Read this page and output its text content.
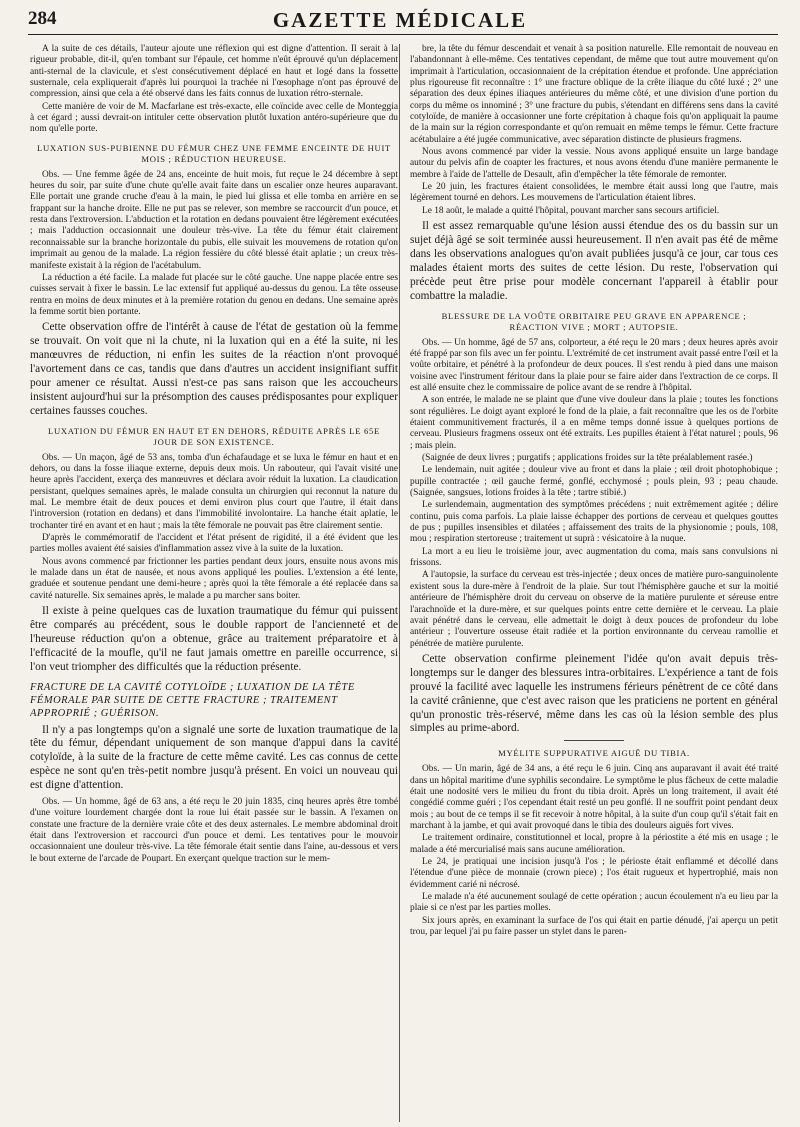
284	GAZETTE MÉDICALE

A la suite de ces détails, l'auteur ajoute une réflexion qui est digne d'attention. Il serait à la rigueur probable, dit-il, qu'en tombant sur l'épaule, cet homme n'eût éprouvé qu'un déplacement anti-sternal de la clavicule, et s'est consécutivement déplacé en haut et logé dans la fossette susternale, cela expliquerait d'après lui pourquoi la trachée ni l'œsophage n'ont pas éprouvé de compression, ainsi que cela a été observé dans les faits connus de luxation rétro-sternale.

Cette manière de voir de M. Macfarlane est très-exacte, elle coïncide avec celle de Monteggia à cet égard ; aussi devrait-on intituler cette observation plutôt luxation antéro-supérieure que du nom qu'elle porte.

LUXATION SUS-PUBIENNE DU FÉMUR CHEZ UNE FEMME ENCEINTE DE HUIT MOIS ; RÉDUCTION HEUREUSE.

Obs. — Une femme âgée de 24 ans, enceinte de huit mois, fut reçue le 24 décembre à sept heures du soir, par suite d'une chute qu'elle avait faite dans un escalier onze heures auparavant. Elle portait une grande cruche d'eau à la main, le pied lui glissa et elle tomba en arrière en se frappant sur la hanche droite. Elle ne put pas se relever, son membre se raccourcit d'un pouce, et resta dans l'extroversion. L'abduction et la rotation en dedans pouvaient être légèrement exécutées ; mais l'adduction occasionnait une douleur très-vive. La tête du fémur était clairement reconnaissable sur la branche horizontale du pubis, elle suivait les mouvemens de rotation qu'on imprimait au genou de la malade. La région fessière du côté blessé était aplatie ; un creux très-manifeste existait à la région de l'acétabulum.

La réduction a été facile. La malade fut placée sur le côté gauche. Une nappe placée entre ses cuisses servait à fixer le bassin. Le lac extensif fut appliqué au-dessus du genou. La tête osseuse rentra en moins de deux minutes et à la première rotation du genou en dedans. Une semaine après la femme sortit bien portante.

Cette observation offre de l'intérêt à cause de l'état de gestation où la femme se trouvait. On voit que ni la chute, ni la luxation qui en a été la suite, ni les manœuvres de réduction, ni enfin les suites de la réaction n'ont provoqué l'avortement dans ce cas, tandis que dans d'autres un accident insignifiant suffit pour amener ce résultat. Aussi n'est-ce pas sans raison que les accoucheurs insistent aujourd'hui sur la présomption des causes prédisposantes pour expliquer certaines fausses couches.

LUXATION DU FÉMUR EN HAUT ET EN DEHORS, RÉDUITE APRÈS LE 65E JOUR DE SON EXISTENCE.

Obs. — Un maçon, âgé de 53 ans, tomba d'un échafaudage et se luxa le fémur en haut et en dehors, ou dans la fosse iliaque externe, depuis deux mois. Un rabouteur, qui l'avait visité une heure après l'accident, exerça des manœuvres et déclara avoir réduit la luxation. La claudication persistant, quelques semaines après, le malade consulta un chirurgien qui reconnut la nature du mal. Le membre était de deux pouces et demi environ plus court que l'autre, il était dans l'introversion (rotation en dedans) et dans l'immobilité involontaire. La hanche était aplatie, le trochanter tiré en avant et en haut ; mais la tête fémorale ne pouvait pas être clairement sentie.

D'après le commémoratif de l'accident et l'état présent de rigidité, il a été évident que les parties molles avaient été saisies d'inflammation assez vive à la suite de la luxation.

Nous avons commencé par frictionner les parties pendant deux jours, ensuite nous avons mis le malade dans un état de nausée, et nous avons appliqué les poulies. L'extension a été lente, graduée et soutenue pendant une demi-heure ; après quoi la tête fémorale a été replacée dans sa cavité naturelle. Six semaines après, le malade a pu marcher sans boiter.

Il existe à peine quelques cas de luxation traumatique du fémur qui puissent être comparés au précédent, sous le double rapport de l'ancienneté et de l'heureuse réduction qu'on a obtenue, grâce au traitement préparatoire et à l'efficacité de la moufle, qu'il ne faut jamais omettre en pareille occurrence, si l'on veut triompher des difficultés que la réduction présente.

FRACTURE DE LA CAVITÉ COTYLOÏDE ; LUXATION DE LA TÊTE FÉMORALE PAR SUITE DE CETTE FRACTURE ; TRAITEMENT APPROPRIÉ ; GUÉRISON.

Il n'y a pas longtemps qu'on a signalé une sorte de luxation traumatique de la tête du fémur, dépendant uniquement de son manque d'appui dans la cavité cotyloïde, à la suite de la fracture de cette même cavité. Les cas connus de cette espèce ne sont qu'en très-petit nombre jusqu'à présent. En voici un nouveau qui est digne d'attention.

Obs. — Un homme, âgé de 63 ans, a été reçu le 20 juin 1835, cinq heures après être tombé d'une voiture lourdement chargée dont la roue lui était passée sur le bassin. A l'examen on constate une fracture de la dernière vraie côte et des deux asternales. Le membre abdominal droit était dans l'extroversion et raccourci d'un pouce et demi. Les tentatives pour le mouvoir occasionnaient une douleur très-vive. La tête fémorale était sentie dans l'aine, au-dessous et vers le bout externe de l'arcade de Poupart. En exerçant quelque traction sur le mem-

bre, la tête du fémur descendait et venait à sa position naturelle. Elle remontait de nouveau en l'abandonnant à elle-même. Ces tentatives cependant, de même que tout autre mouvement qu'on imprimait à l'articulation, occasionnaient de la crépitation étendue et profonde. Une appréciation plus rigoureuse fit reconnaître : 1° une fracture oblique de la crête iliaque du côté luxé ; 2° une séparation des deux épines iliaques antérieures du même côté, et une division d'une portion du corps du même os innominé ; 3° une fracture du pubis, s'étendant en différens sens dans la cavité cotyloïde, de manière à occasionner une forte crépitation à chaque fois qu'on appliquait la paume de la main sur la région correspondante et qu'on remuait en même temps le fémur. Cette fracture acétabulaire a été jugée communicative, avec séparation distincte de plusieurs fragmens.

Nous avons commencé par vider la vessie. Nous avons appliqué ensuite un large bandage autour du pelvis afin de coapter les fractures, et nous avons étendu d'une manière permanente le membre à l'aide de l'attelle de Desault, afin d'empêcher la tête fémorale de remonter.

Le 20 juin, les fractures étaient consolidées, le membre était aussi long que l'autre, mais légèrement tourné en dehors. Les mouvemens de l'articulation étaient libres.

Le 18 août, le malade a quitté l'hôpital, pouvant marcher sans secours artificiel.

Il est assez remarquable qu'une lésion aussi étendue des os du bassin sur un sujet déjà âgé se soit terminée aussi heureusement. Il n'en avait pas été de même dans les observations analogues qu'on avait publiées jusqu'à ce jour, car tous ces malades étaient morts des suites de cette lésion. Du reste, l'observation qui précède peut être prise pour modèle concernant l'appareil à établir pour combattre la maladie.

BLESSURE DE LA VOÛTE ORBITAIRE PEU GRAVE EN APPARENCE ; RÉACTION VIVE ; MORT ; AUTOPSIE.

Obs. — Un homme, âgé de 57 ans, colporteur, a été reçu le 20 mars ; deux heures après avoir été frappé par son fils avec un fer pointu. L'extrémité de cet instrument avait passé entre l'œil et la voûte orbitaire, et pénétré à la profondeur de deux pouces. Il s'est rendu à pied dans une maison voisine avec l'instrument féritour dans la plaie pour se faire aider dans l'extraction de ce corps. Il est allé ensuite chez le commissaire de police avant de se rendre à l'hôpital.

A son entrée, le malade ne se plaint que d'une vive douleur dans la plaie ; toutes les fonctions sont régulières. Le doigt ayant exploré le fond de la plaie, a fait reconnaître que les os de l'orbite étaient communitivement fracturés, il a en même temps donné issue à quelques portions de cerveau. Plusieurs fragmens osseux ont été extraits. Les pupilles étaient à l'état naturel ; pouls, 96 ; mais plein.

(Saignée de deux livres ; purgatifs ; applications froides sur la tête préalablement rasée.)

Le lendemain, nuit agitée ; douleur vive au front et dans la plaie ; œil droit photophobique ; pupille contractée ; œil gauche fermé, gonflé, ecchymosé ; pouls plein, 93 ; peau chaude. (Saignée, sangsues, lotions froides à la tête ; tartre stibié.)

Le surlendemain, augmentation des symptômes précédens ; nuit extrêmement agitée ; délire continu, puis coma parfois. La plaie laisse échapper des portions de cerveau et quelques gouttes de pus ; pupilles insensibles et dilatées ; affaissement des traits de la physionomie ; pouls, 108, mou ; respiration stertoreuse ; traitement ut suprà : vésicatoire à la nuque.

La mort a eu lieu le troisième jour, avec augmentation du coma, mais sans convulsions ni frissons.

A l'autopsie, la surface du cerveau est très-injectée ; deux onces de matière puro-sanguinolente existent sous la dure-mère à l'endroit de la plaie. Sur tout l'hémisphère gauche et sur la moitié antérieure de l'hémisphère droit du cerveau on observe de la matière purulente et séreuse entre l'arachnoïde et la dure-mère, et sur quelques points entre cette dernière et le cerveau. La plaie avait pénétré dans le cerveau, elle admettait le doigt à deux pouces de profondeur du lobe antérieur ; l'ouverture osseuse était radiée et la portion environnante du cerveau ramollie et pénétrée de matière purulente.

Cette observation confirme pleinement l'idée qu'on avait depuis très-longtemps sur le danger des blessures intra-orbitaires. L'expérience a tant de fois prouvé la facilité avec laquelle les instrumens férieurs pénètrent de ce côté dans la cavité crânienne, que c'est avec raison que les praticiens ne portent en général qu'un pronostic très-réservé, même dans les cas où la lésion semble des plus simples au prime-abord.

MYÉLITE SUPPURATIVE AIGUË DU TIBIA.

Obs. — Un marin, âgé de 34 ans, a été reçu le 6 juin. Cinq ans auparavant il avait été traité dans un hôpital maritime d'une syphilis secondaire. Le symptôme le plus fâcheux de cette maladie était une nodosité vers le milieu du front du tibia droit. Après un long traitement, il avait été congédié comme guéri ; l'os cependant était resté un peu gonflé. Il ne souffrit point pendant deux mois ; au bout de ce temps il se fit recevoir à notre hôpital, à la suite d'un coup qu'il s'était fait en marchant à la jambe, et qui avait provoqué dans le tibia des douleurs aiguës fort vives.

Le traitement ordinaire, constitutionnel et local, propre à la périostite a été mis en usage ; le malade a été mercurialisé mais sans aucune amélioration.

Le 24, je pratiquai une incision jusqu'à l'os ; le périoste était enflammé et décollé dans l'étendue d'une pièce de monnaie (crown piece) ; l'os était rugueux et hypertrophié, mais non évidemment carié ni nécrosé.

Le malade n'a été aucunement soulagé de cette opération ; aucun écoulement n'a eu lieu par la plaie si ce n'est par les parties molles.

Six jours après, en examinant la surface de l'os qui était en partie dénudé, j'ai aperçu un petit trou, par lequel j'ai pu faire passer un stylet dans le paren-
